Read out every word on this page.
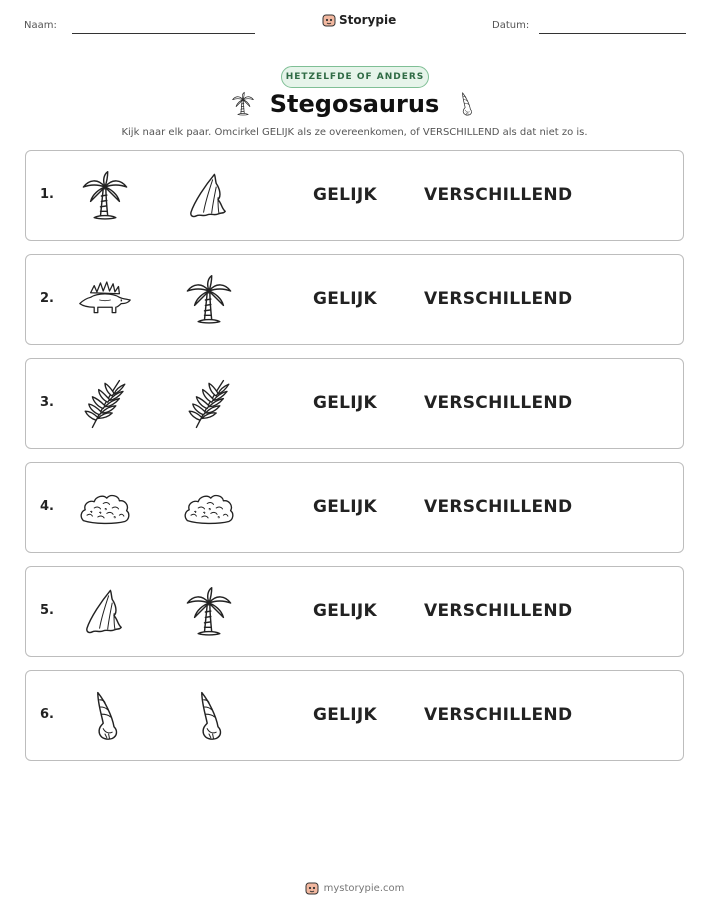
Naam:	Storypie	Datum:
HETZELFDE OF ANDERS
Stegosaurus
Kijk naar elk paar. Omcirkel GELIJK als ze overeenkomen, of VERSCHILLEND als dat niet zo is.
1.	GELIJK	VERSCHILLEND
2.	GELIJK	VERSCHILLEND
3.	GELIJK	VERSCHILLEND
4.	GELIJK	VERSCHILLEND
5.	GELIJK	VERSCHILLEND
6.	GELIJK	VERSCHILLEND
mystorypie.com
